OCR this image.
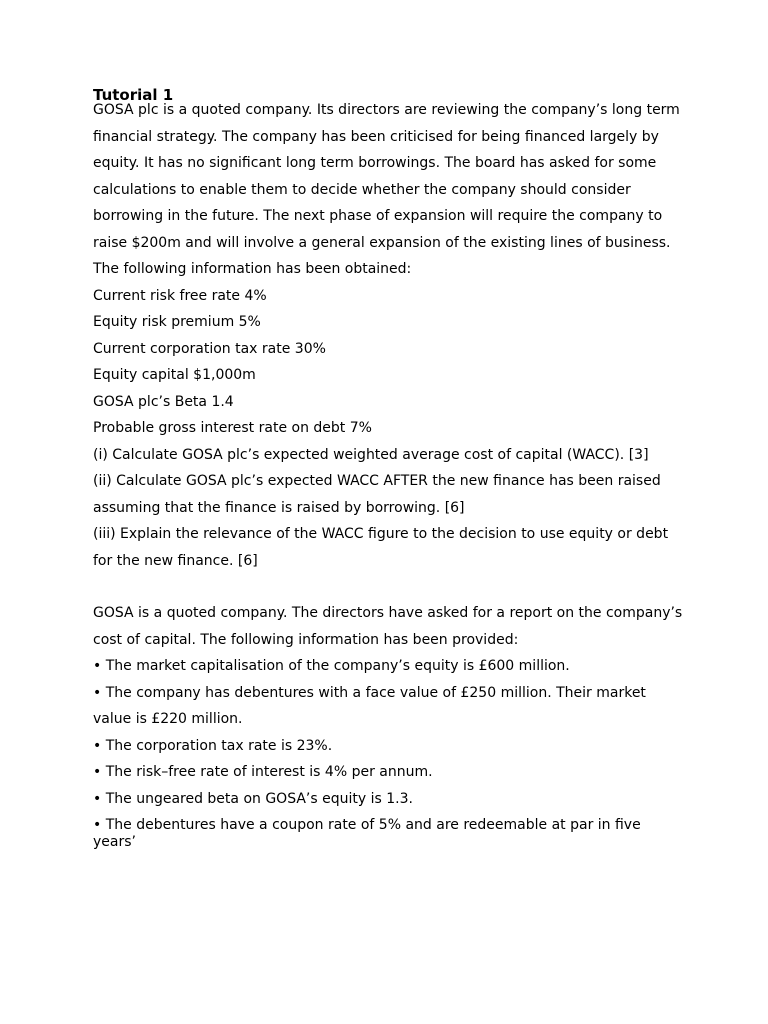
Tutorial 1

GOSA plc is a quoted company. Its directors are reviewing the company’s long term

financial strategy. The company has been criticised for being financed largely by

equity. It has no significant long term borrowings. The board has asked for some

calculations to enable them to decide whether the company should consider

borrowing in the future. The next phase of expansion will require the company to

raise $200m and will involve a general expansion of the existing lines of business.

The following information has been obtained:

Current risk free rate 4%

Equity risk premium 5%

Current corporation tax rate 30%

Equity capital $1,000m

GOSA plc’s Beta 1.4

Probable gross interest rate on debt 7%

(i) Calculate GOSA plc’s expected weighted average cost of capital (WACC). [3]

(ii) Calculate GOSA plc’s expected WACC AFTER the new finance has been raised

assuming that the finance is raised by borrowing. [6]

(iii) Explain the relevance of the WACC figure to the decision to use equity or debt

for the new finance. [6]

GOSA is a quoted company. The directors have asked for a report on the company’s

cost of capital. The following information has been provided:

• The market capitalisation of the company’s equity is £600 million.

• The company has debentures with a face value of £250 million. Their market

value is £220 million.

• The corporation tax rate is 23%.

• The risk–free rate of interest is 4% per annum.

• The ungeared beta on GOSA’s equity is 1.3.

• The debentures have a coupon rate of 5% and are redeemable at par in five years’
